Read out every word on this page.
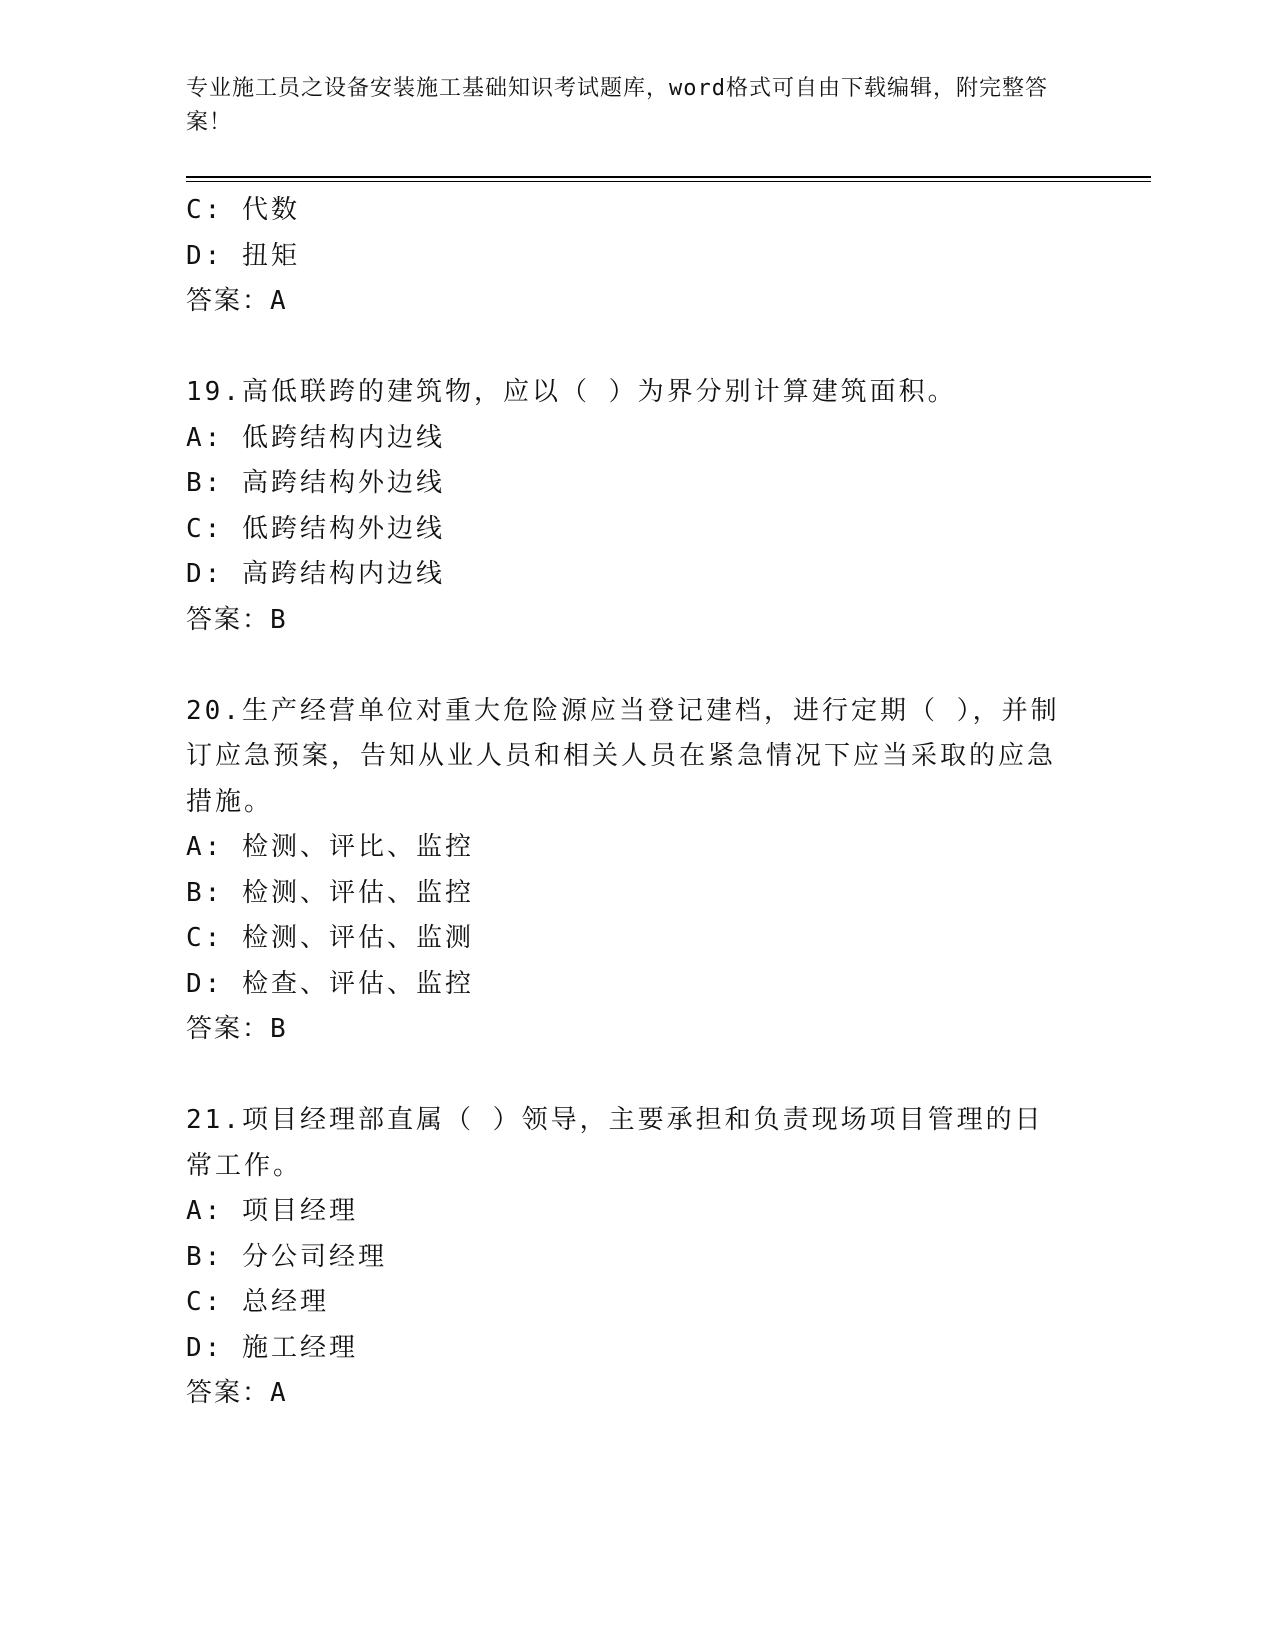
专业施工员之设备安装施工基础知识考试题库，word格式可自由下载编辑，附完整答案！
C: 代数
D: 扭矩
答案：A
19.高低联跨的建筑物，应以（ ）为界分别计算建筑面积。
A: 低跨结构内边线
B: 高跨结构外边线
C: 低跨结构外边线
D: 高跨结构内边线
答案：B
20.生产经营单位对重大危险源应当登记建档，进行定期（ ），并制订应急预案，告知从业人员和相关人员在紧急情况下应当采取的应急措施。
A: 检测、评比、监控
B: 检测、评估、监控
C: 检测、评估、监测
D: 检查、评估、监控
答案：B
21.项目经理部直属（ ）领导，主要承担和负责现场项目管理的日常工作。
A: 项目经理
B: 分公司经理
C: 总经理
D: 施工经理
答案：A
